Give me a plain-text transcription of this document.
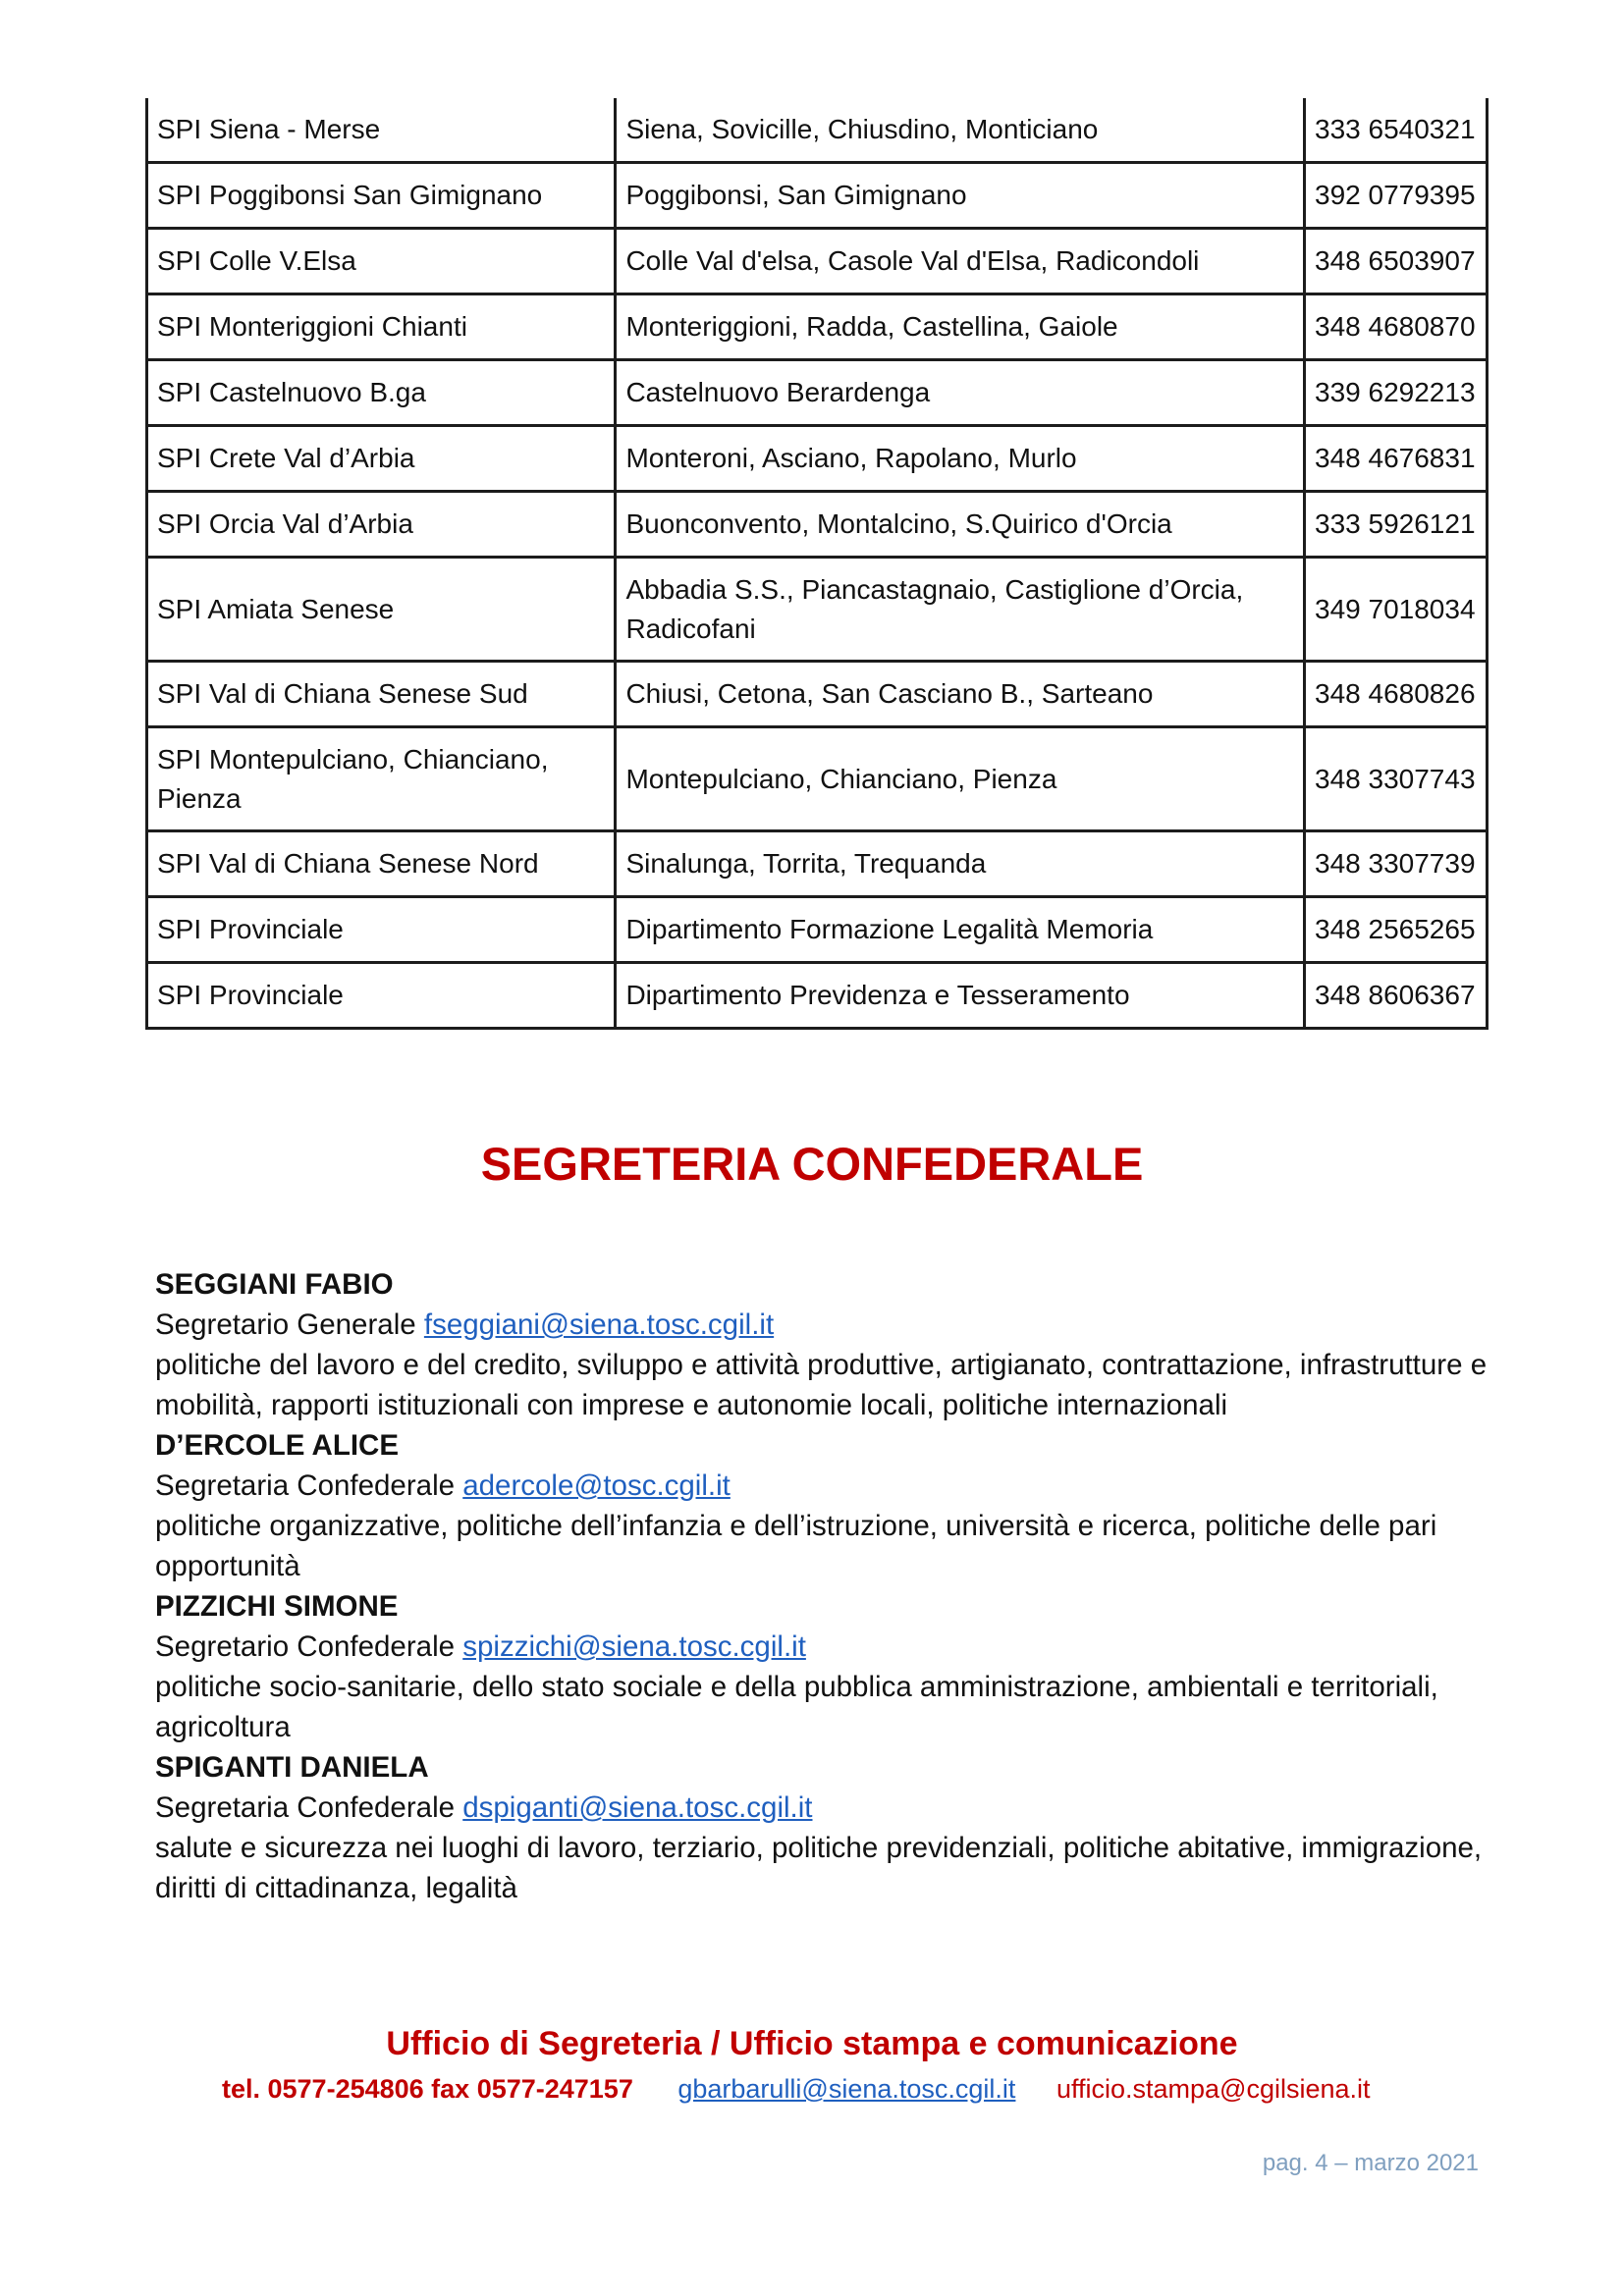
SPI Siena - Merse	Siena, Sovicille, Chiusdino, Monticiano	333 6540321
SPI Poggibonsi San Gimignano	Poggibonsi, San Gimignano	392 0779395
SPI Colle V.Elsa	Colle Val d'elsa, Casole Val d'Elsa, Radicondoli	348 6503907
SPI Monteriggioni Chianti	Monteriggioni, Radda, Castellina, Gaiole	348 4680870
SPI Castelnuovo B.ga	Castelnuovo Berardenga	339 6292213
SPI Crete Val d’Arbia	Monteroni, Asciano, Rapolano, Murlo	348 4676831
SPI Orcia Val d’Arbia	Buonconvento, Montalcino, S.Quirico d'Orcia	333 5926121
SPI Amiata Senese	Abbadia S.S., Piancastagnaio, Castiglione d’Orcia, Radicofani	349 7018034
SPI Val di Chiana Senese Sud	Chiusi, Cetona, San Casciano B., Sarteano	348 4680826
SPI Montepulciano, Chianciano, Pienza	Montepulciano, Chianciano, Pienza	348 3307743
SPI Val di Chiana Senese Nord	Sinalunga, Torrita, Trequanda	348 3307739
SPI Provinciale	Dipartimento Formazione Legalità Memoria	348 2565265
SPI Provinciale	Dipartimento Previdenza e Tesseramento	348 8606367
SEGRETERIA CONFEDERALE
SEGGIANI FABIO
Segretario Generale fseggiani@siena.tosc.cgil.it
politiche del lavoro e del credito, sviluppo e attività produttive, artigianato, contrattazione, infrastrutture e mobilità, rapporti istituzionali con imprese e autonomie locali, politiche internazionali
D’ERCOLE ALICE
Segretaria Confederale adercole@tosc.cgil.it
politiche organizzative, politiche dell’infanzia e dell’istruzione, università e ricerca, politiche delle pari opportunità
PIZZICHI SIMONE
Segretario Confederale spizzichi@siena.tosc.cgil.it
politiche socio-sanitarie, dello stato sociale e della pubblica amministrazione, ambientali e territoriali, agricoltura
SPIGANTI DANIELA
Segretaria Confederale dspiganti@siena.tosc.cgil.it
salute e sicurezza nei luoghi di lavoro, terziario, politiche previdenziali, politiche abitative, immigrazione, diritti di cittadinanza, legalità
Ufficio di Segreteria / Ufficio stampa e comunicazione
tel. 0577-254806 fax 0577-247157 gbarbarulli@siena.tosc.cgil.it ufficio.stampa@cgilsiena.it
pag. 4 – marzo 2021
